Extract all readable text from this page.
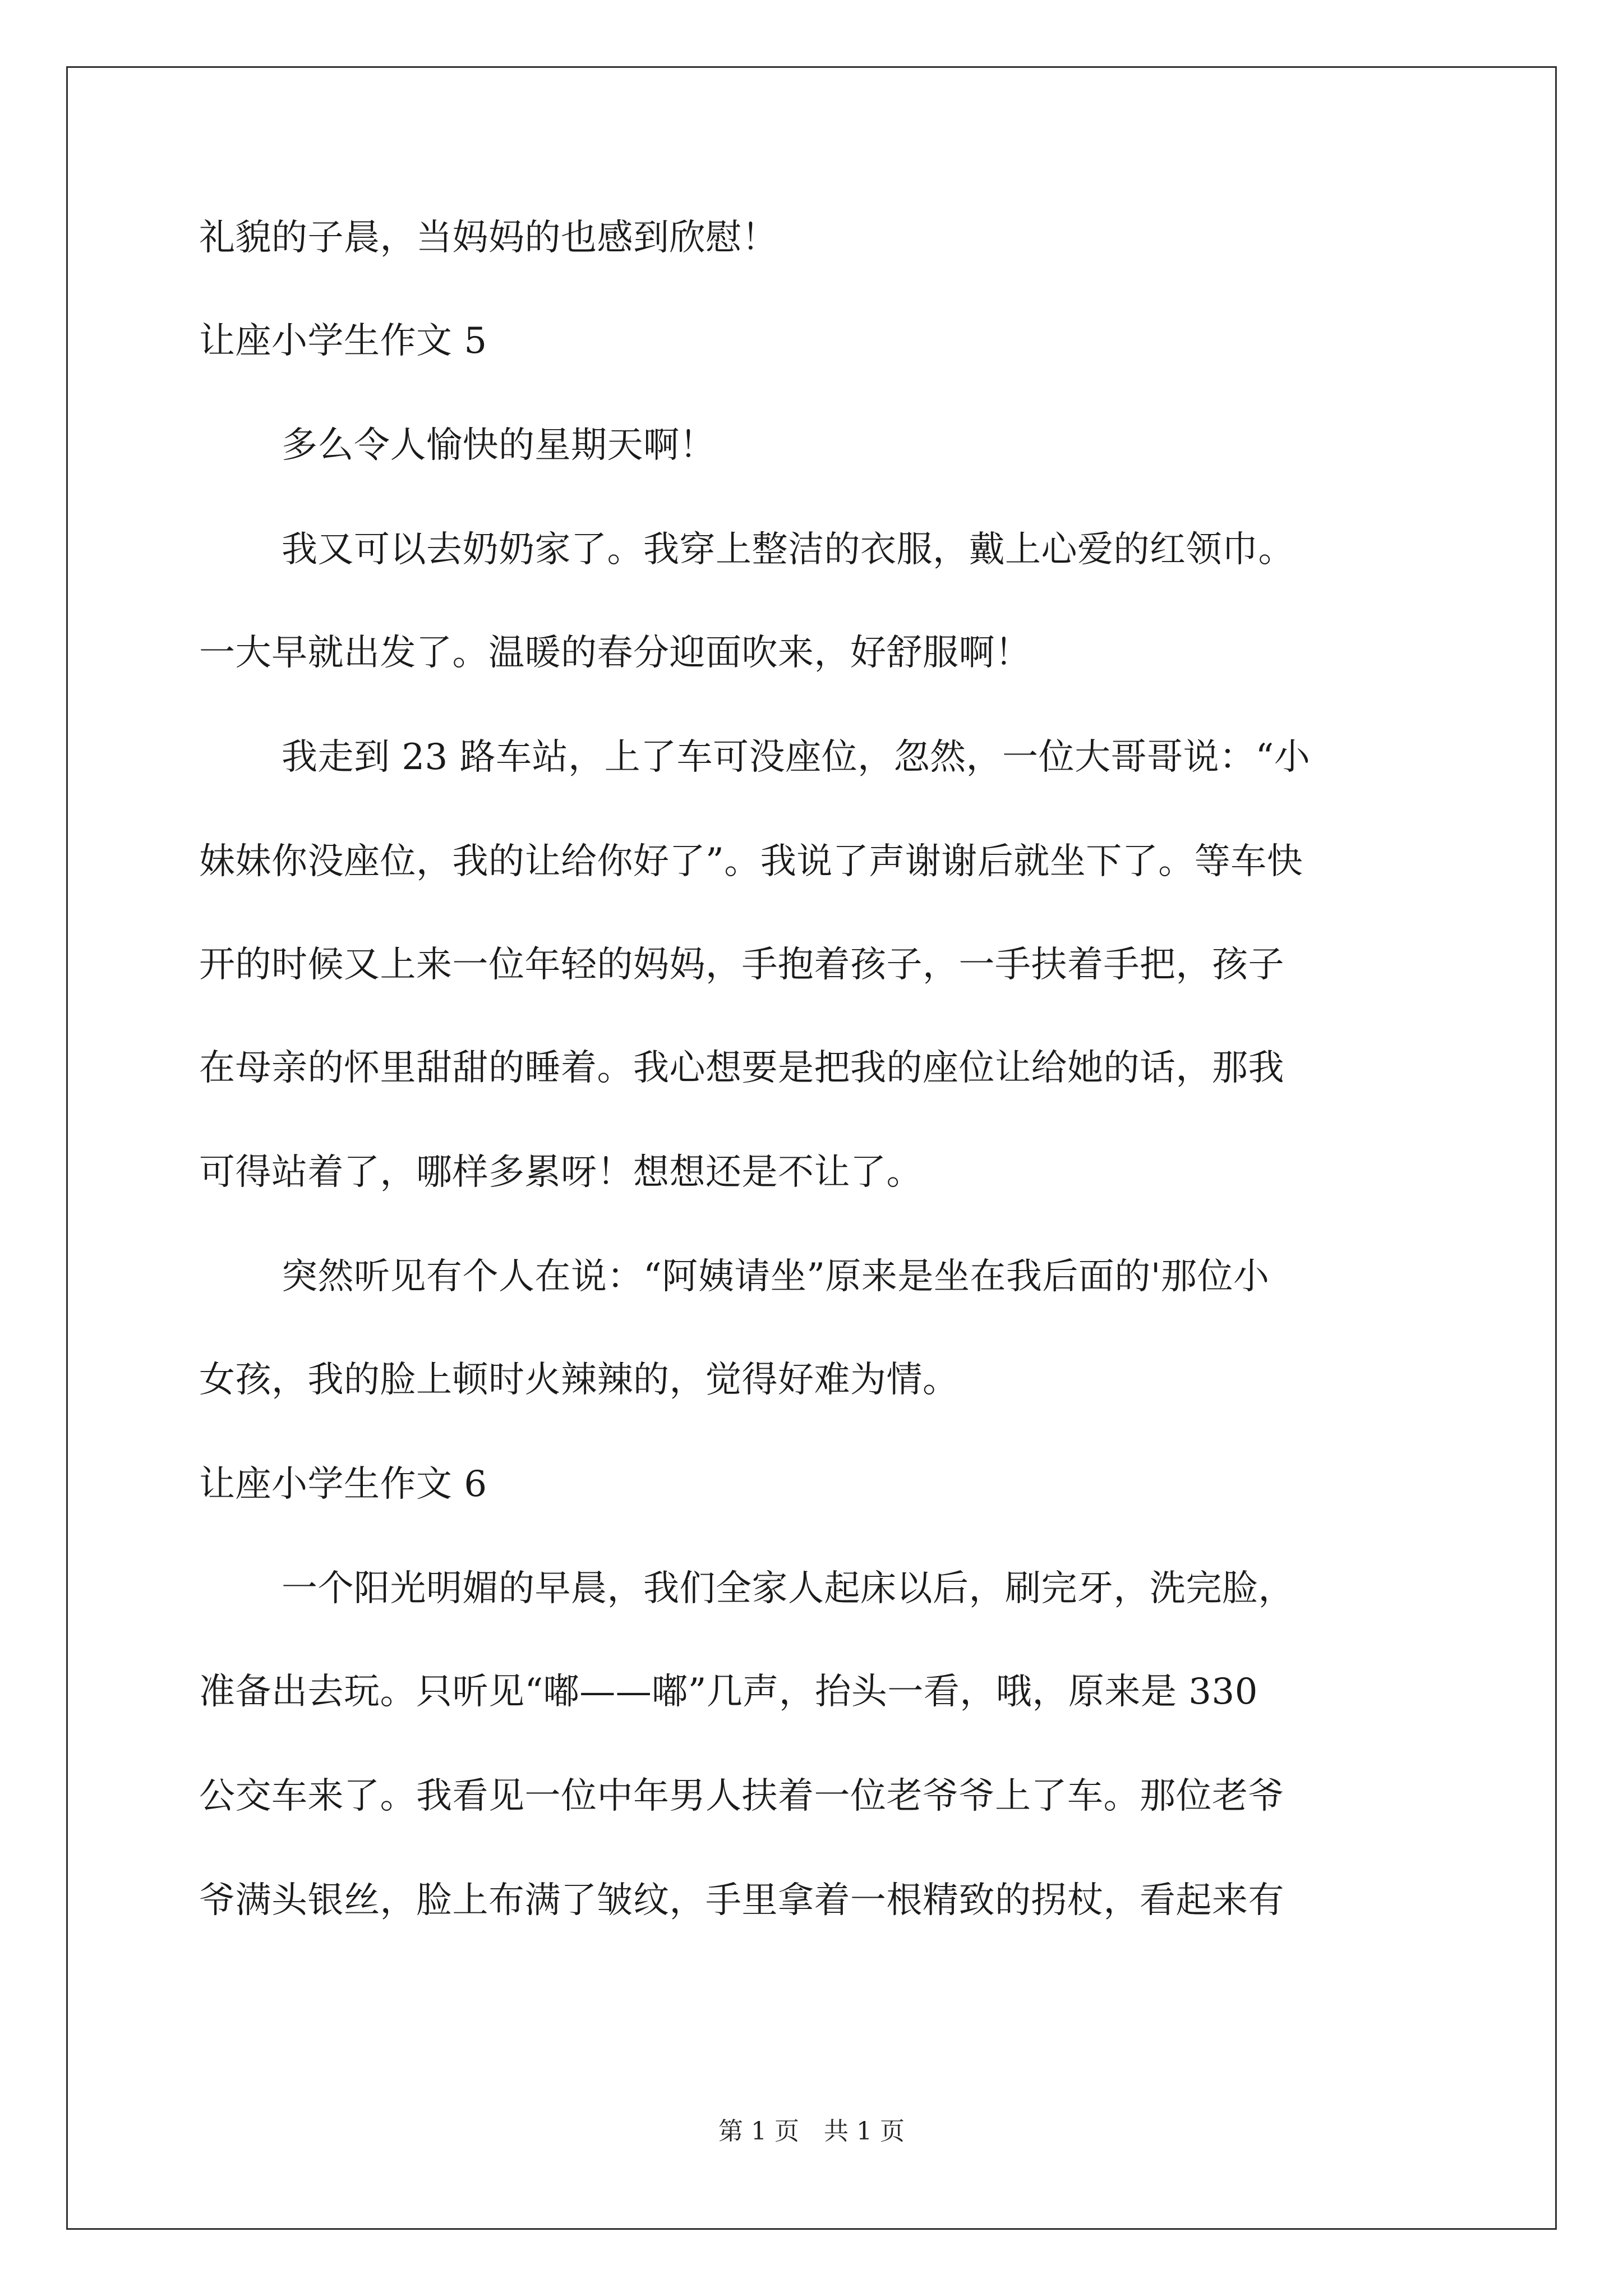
礼貌的子晨，当妈妈的也感到欣慰！
让座小学生作文 5
多么令人愉快的星期天啊！
我又可以去奶奶家了。我穿上整洁的衣服，戴上心爱的红领巾。
一大早就出发了。温暖的春分迎面吹来，好舒服啊！
我走到 23 路车站，上了车可没座位，忽然，一位大哥哥说：“小
妹妹你没座位，我的让给你好了”。我说了声谢谢后就坐下了。等车快
开的时候又上来一位年轻的妈妈，手抱着孩子，一手扶着手把，孩子
在母亲的怀里甜甜的睡着。我心想要是把我的座位让给她的话，那我
可得站着了，哪样多累呀！想想还是不让了。
突然听见有个人在说：“阿姨请坐”原来是坐在我后面的'那位小
女孩，我的脸上顿时火辣辣的，觉得好难为情。
让座小学生作文 6
一个阳光明媚的早晨，我们全家人起床以后，刷完牙，洗完脸，
准备出去玩。只听见“嘟——嘟”几声，抬头一看，哦，原来是 330
公交车来了。我看见一位中年男人扶着一位老爷爷上了车。那位老爷
爷满头银丝，脸上布满了皱纹，手里拿着一根精致的拐杖，看起来有
第 1 页　共 1 页
